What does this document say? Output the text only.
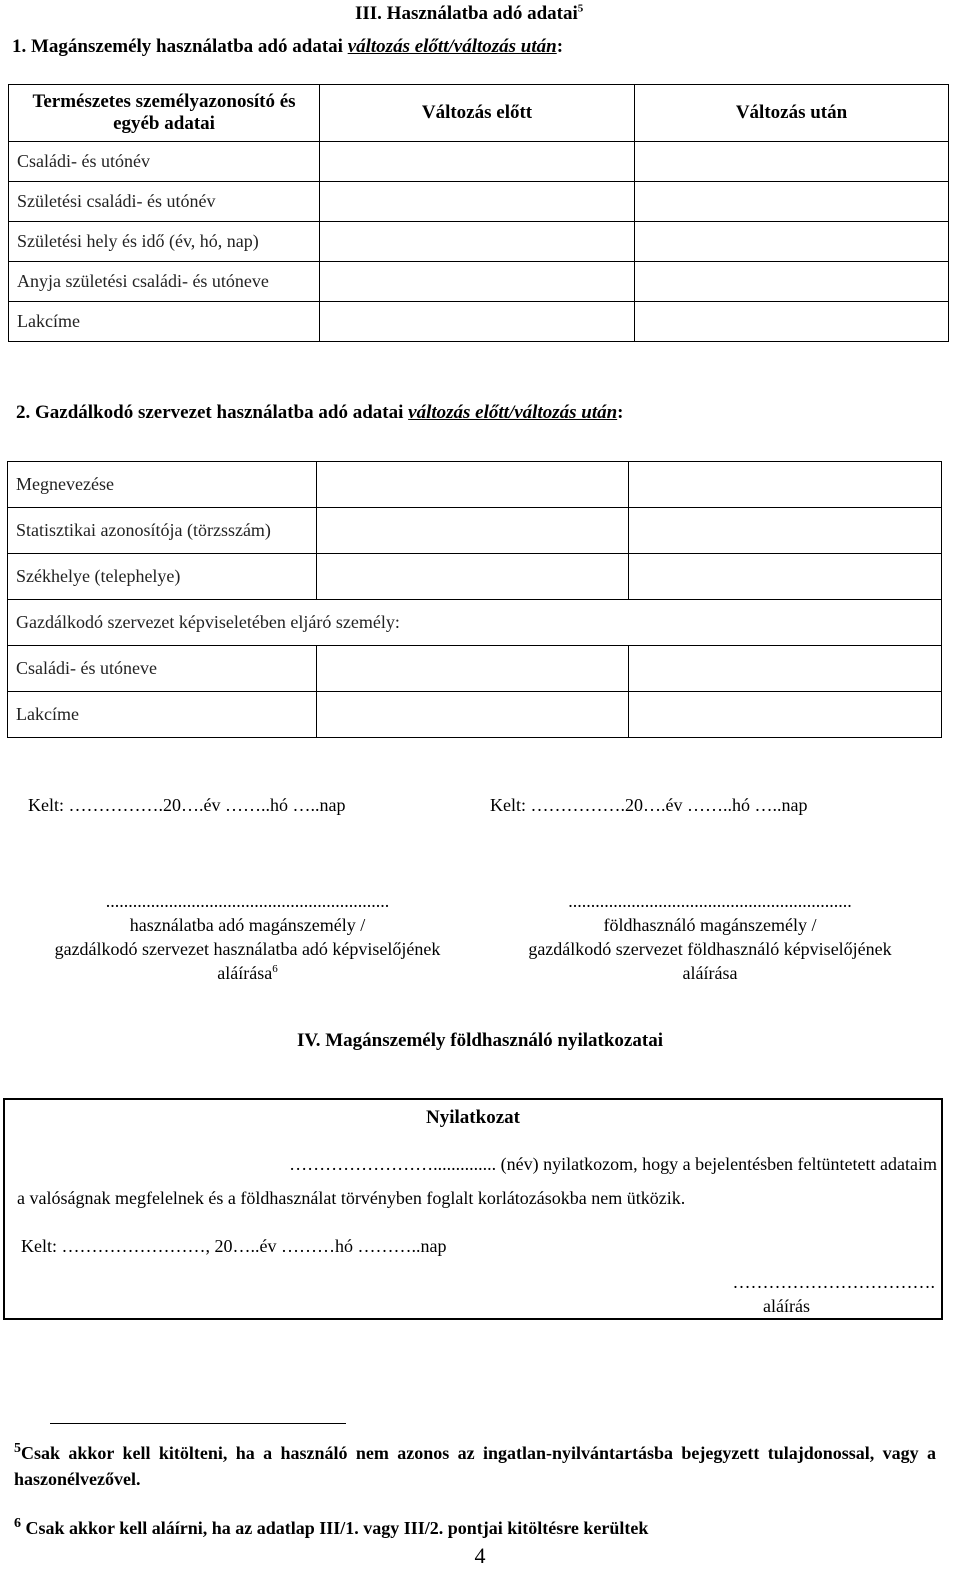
III. Használatba adó adatai$^5$
1. Magánszemély használatba adó adatai változás előtt/változás után:
Természetes személyazonosító és egyéb adatai	Változás előtt	Változás után
Családi- és utónév		
Születési családi- és utónév		
Születési hely és idő (év, hó, nap)		
Anyja születési családi- és utóneve		
Lakcíme		
2. Gazdálkodó szervezet használatba adó adatai változás előtt/változás után:
Megnevezése		
Statisztikai azonosítója (törzsszám)		
Székhelye (telephelye)		
Gazdálkodó szervezet képviseletében eljáró személy:		
Családi- és utóneve		
Lakcíme		
Kelt: …………….20….év ……..hó …..nap	Kelt: …………….20….év ……..hó …..nap
...............................................................
használatba adó magánszemély /
gazdálkodó szervezet használatba adó képviselőjének
aláírása$^6$
...............................................................
földhasználó magánszemély /
gazdálkodó szervezet földhasználó képviselőjének
aláírása
IV. Magánszemély földhasználó nyilatkozatai
Nyilatkozat
…………………….............. (név) nyilatkozom, hogy a bejelentésben feltüntetett adataim
a valóságnak megfelelnek és a földhasználat törvényben foglalt korlátozásokba nem ütközik.
Kelt: ……………………, 20…..év ………hó ………..nap
…………………………….
aláírás
$^5$Csak akkor kell kitölteni, ha a használó nem azonos az ingatlan-nyilvántartásba bejegyzett tulajdonossal, vagy a haszonélvezővel.
$^6$ Csak akkor kell aláírni, ha az adatlap III/1. vagy III/2. pontjai kitöltésre kerültek
4
